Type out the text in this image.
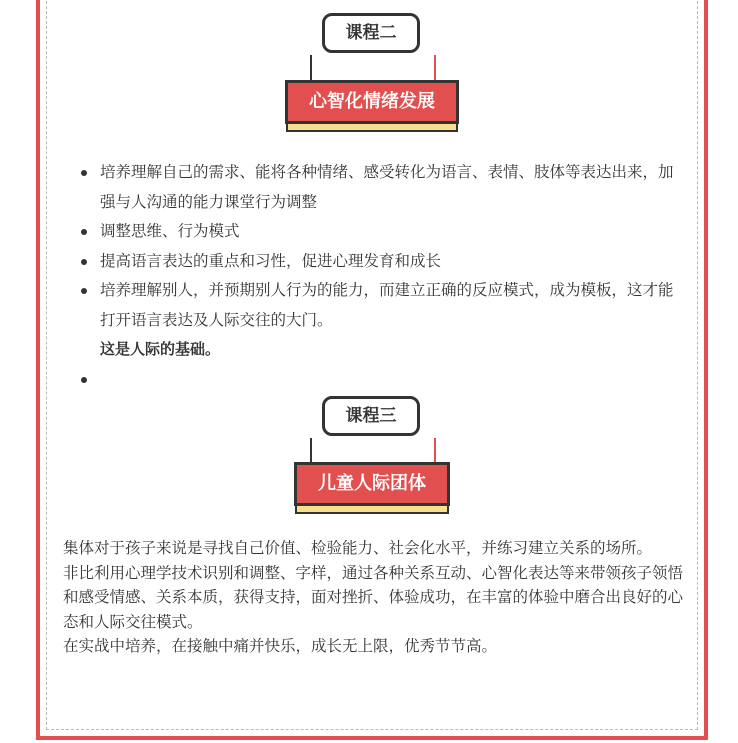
课程二
心智化情绪发展
培养理解自己的需求、能将各种情绪、感受转化为语言、表情、肢体等表达出来，加强与人沟通的能力课堂行为调整
调整思维、行为模式
提高语言表达的重点和习性，促进心理发育和成长
培养理解别人，并预期别人行为的能力，而建立正确的反应模式，成为模板，这才能打开语言表达及人际交往的大门。
这是人际的基础。

课程三
儿童人际团体
集体对于孩子来说是寻找自己价值、检验能力、社会化水平，并练习建立关系的场所。
非比利用心理学技术识别和调整、字样，通过各种关系互动、心智化表达等来带领孩子领悟和感受情感、关系本质，获得支持，面对挫折、体验成功，在丰富的体验中磨合出良好的心态和人际交往模式。
在实战中培养，在接触中痛并快乐，成长无上限，优秀节节高。
